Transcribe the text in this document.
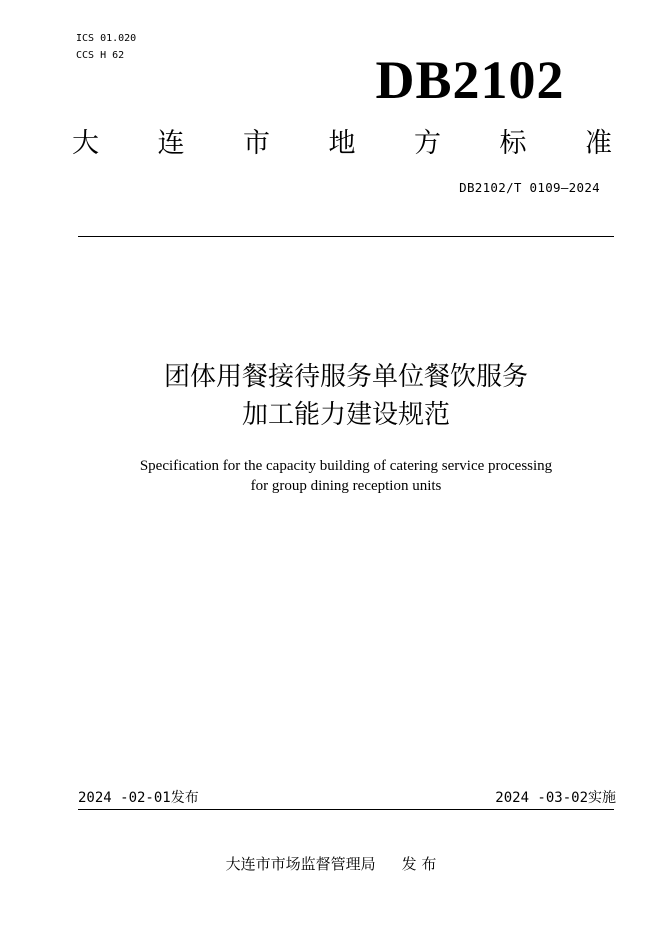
ICS 01.020
CCS H 62	DB2102
大 连 市 地 方 标 准
DB2102/T 0109—2024
团体用餐接待服务单位餐饮服务
加工能力建设规范
Specification for the capacity building of catering service processing
for group dining reception units
2024 -02-01发布	2024 -03-02实施
大连市市场监督管理局 发 布
